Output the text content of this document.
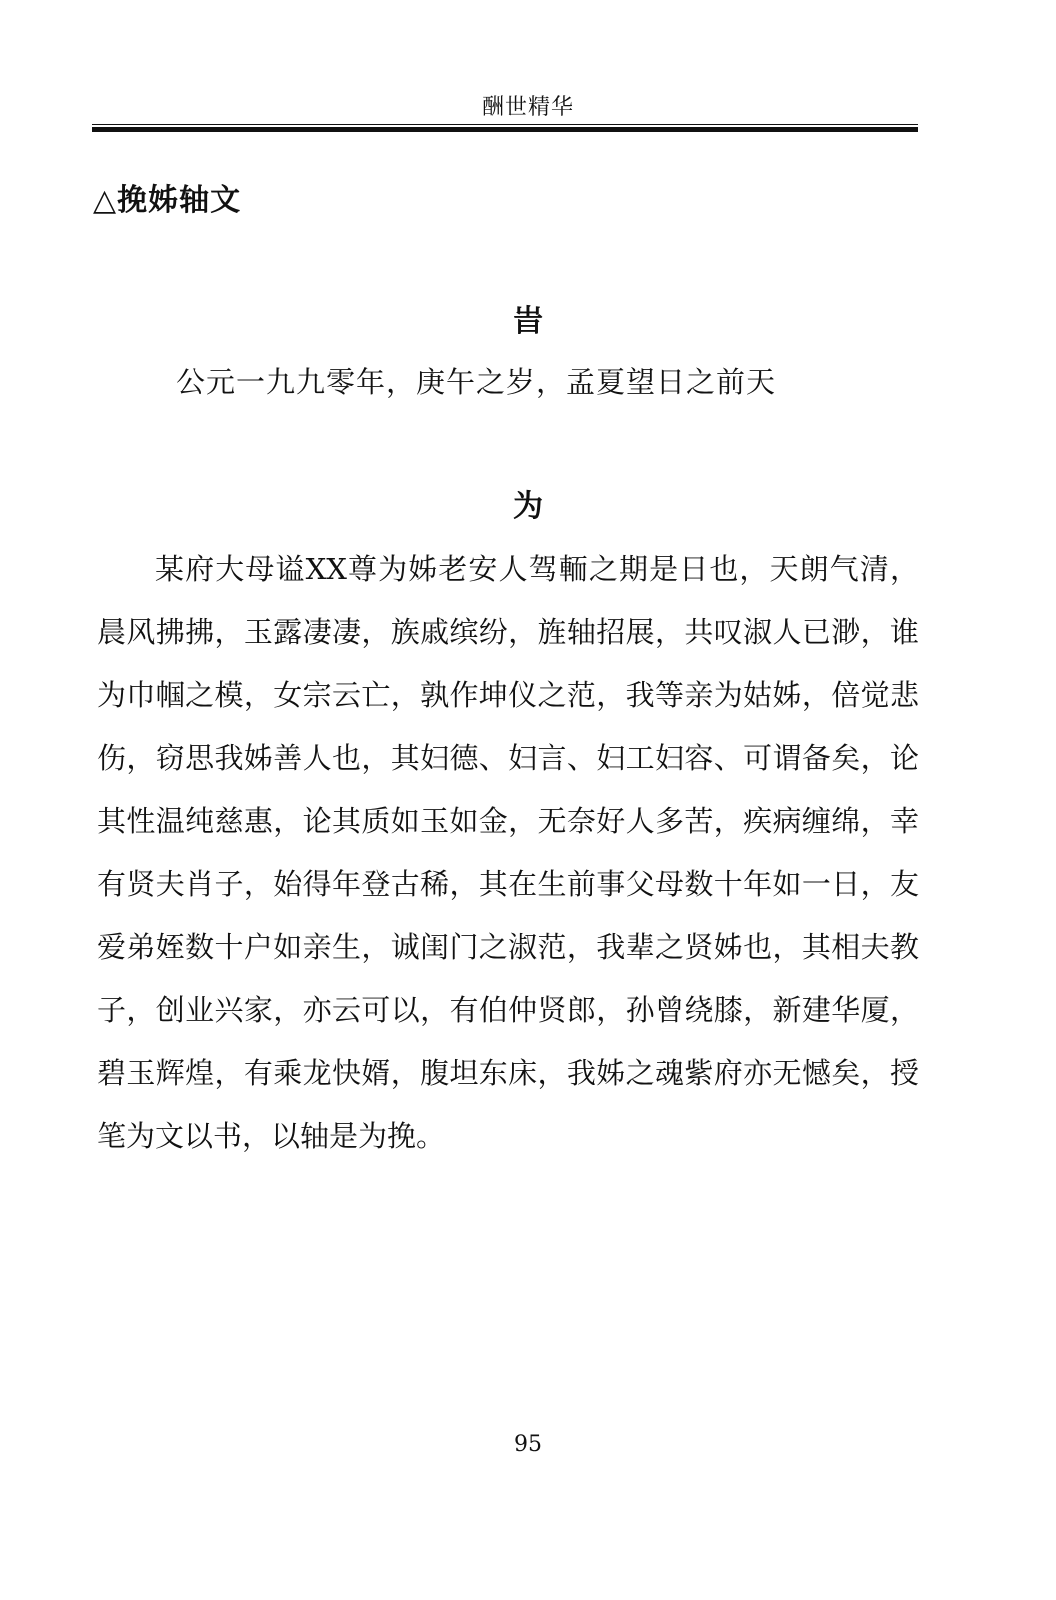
酬世精华
△挽姊轴文
旹
公元一九九零年，庚午之岁，孟夏望日之前天
为

某府大母谥XX尊为姊老安人驾輀之期是日也，天朗气清，晨风拂拂，玉露凄凄，族戚缤纷，旌轴招展，共叹淑人已渺，谁为巾帼之模，女宗云亡，孰作坤仪之范，我等亲为姑姊，倍觉悲伤，窃思我姊善人也，其妇德、妇言、妇工妇容、可谓备矣，论其性温纯慈惠，论其质如玉如金，无奈好人多苦，疾病缠绵，幸有贤夫肖子，始得年登古稀，其在生前事父母数十年如一日，友爱弟姪数十户如亲生，诚闺门之淑范，我辈之贤姊也，其相夫教子，创业兴家，亦云可以，有伯仲贤郎，孙曾绕膝，新建华厦，碧玉辉煌，有乘龙快婿，腹坦东床，我姊之魂紫府亦无憾矣，授笔为文以书，以轴是为挽。

95
